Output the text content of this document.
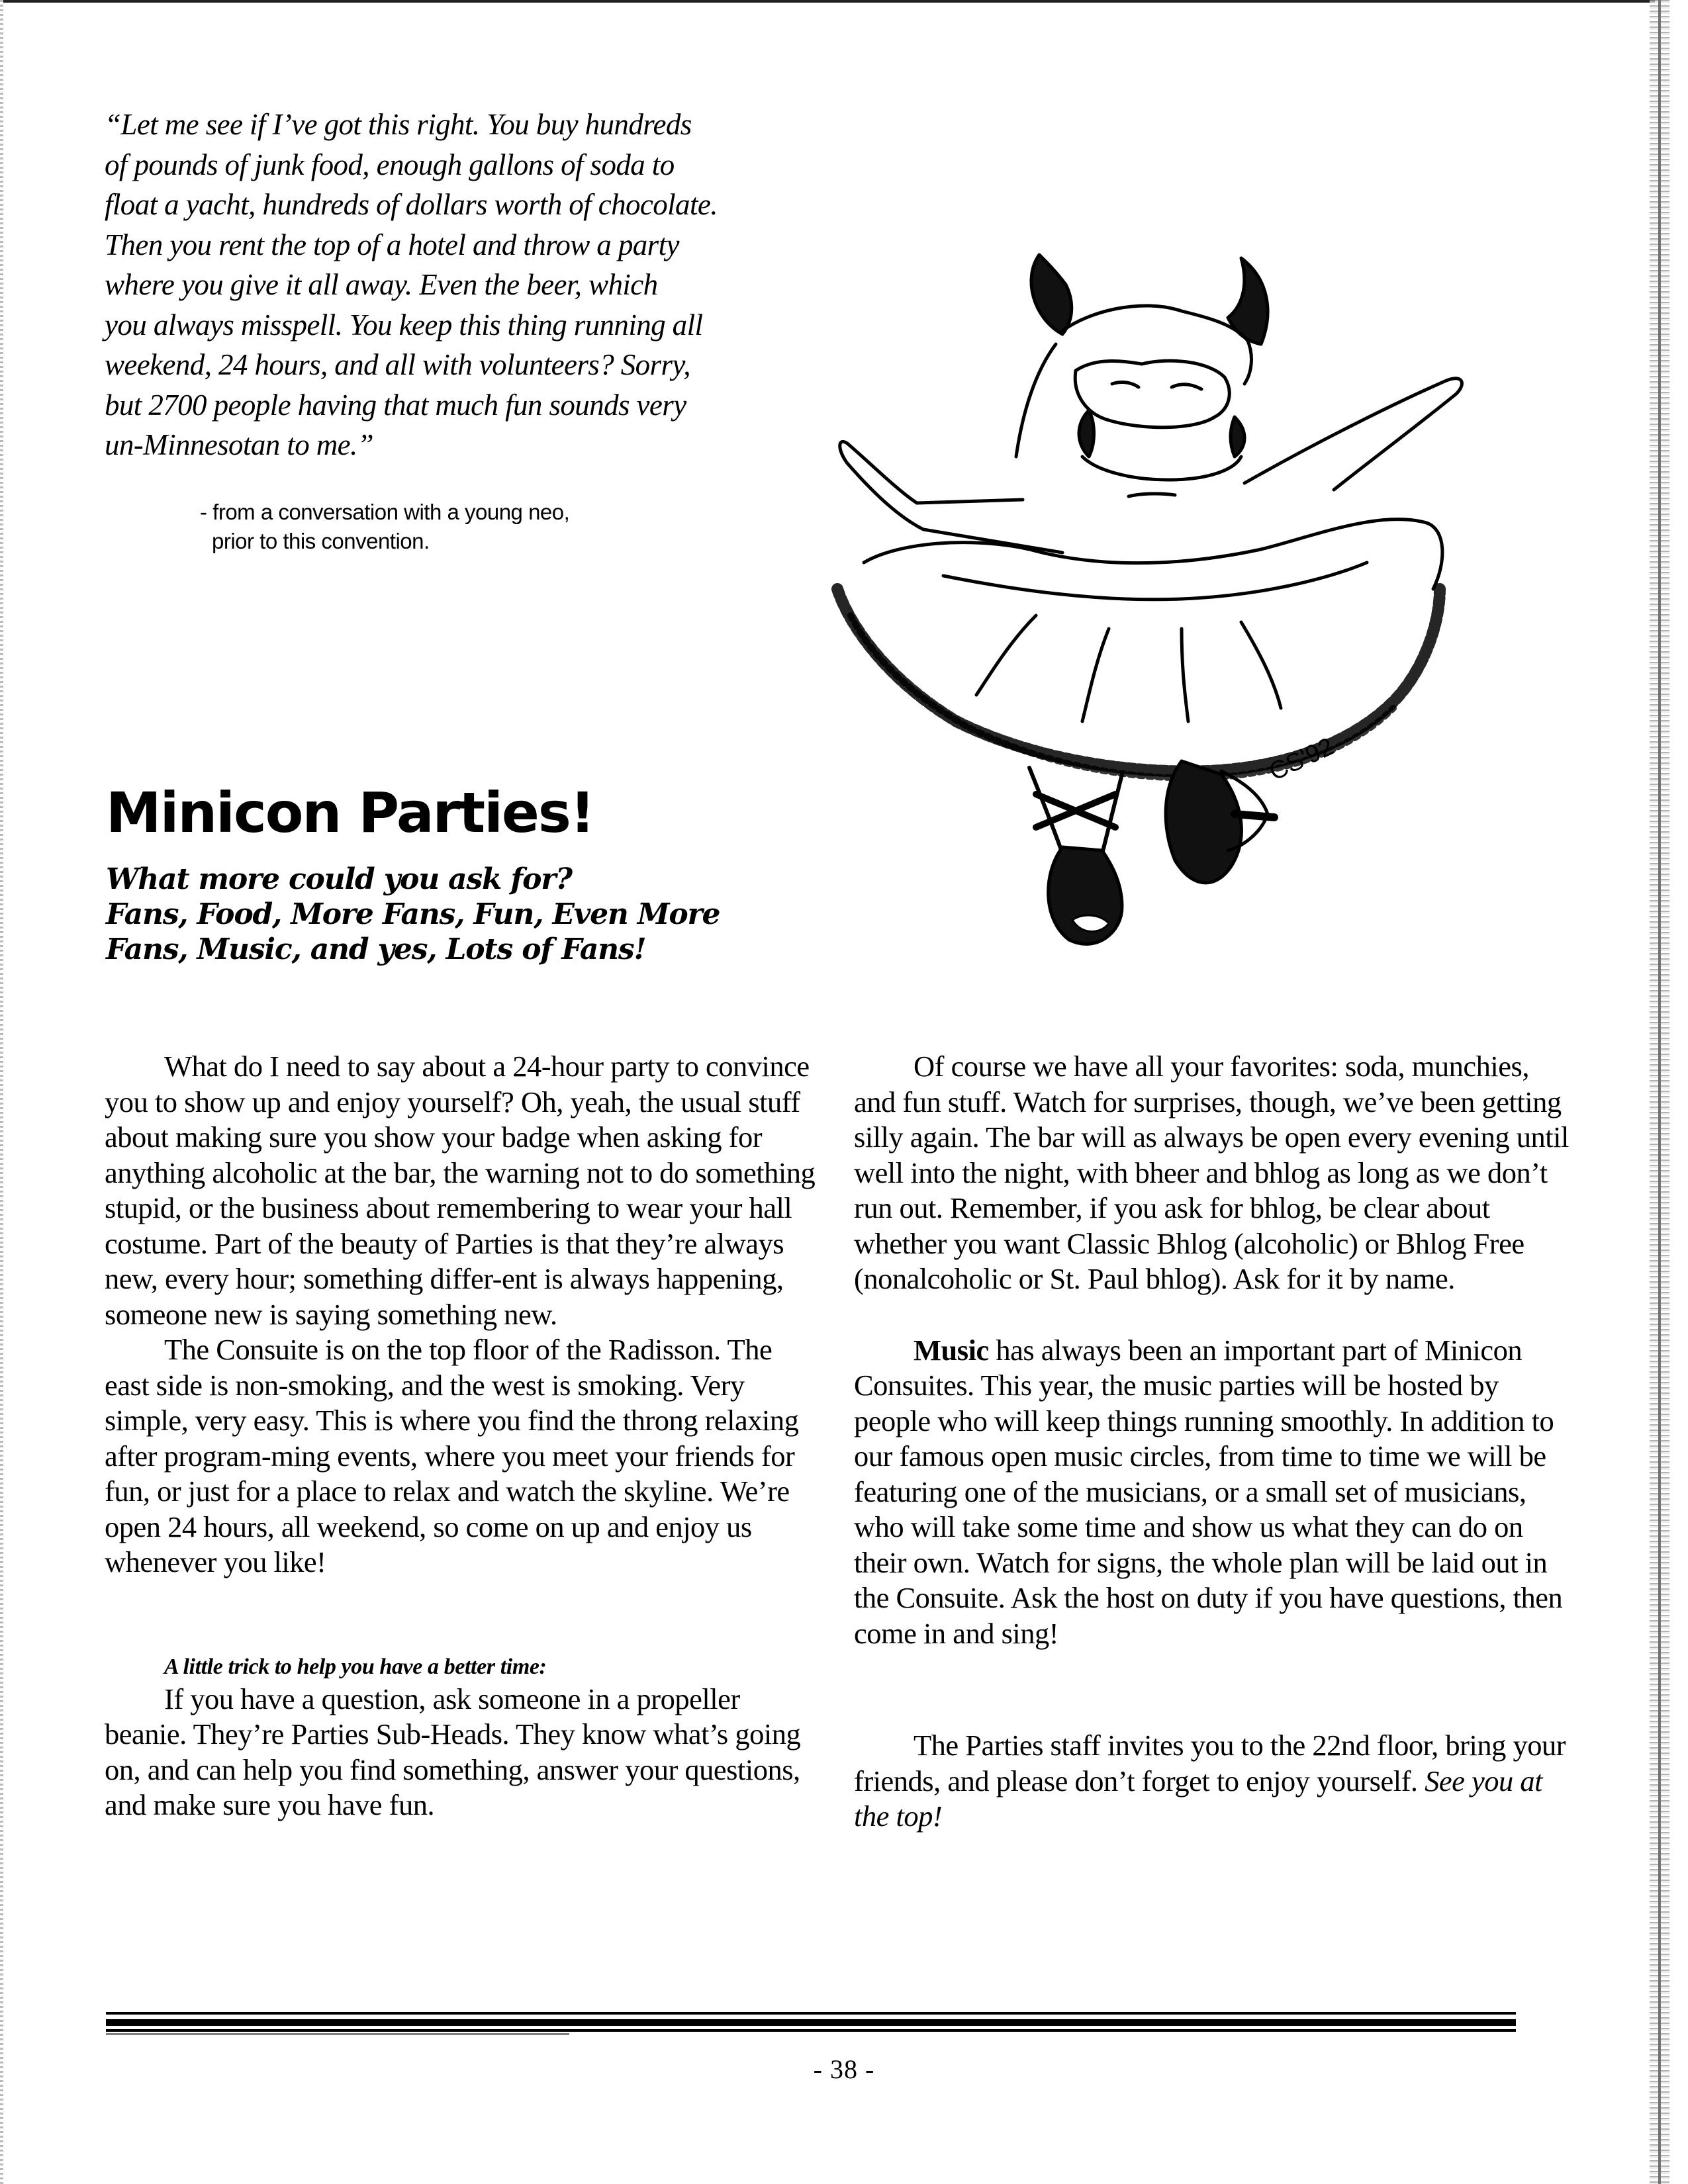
“Let me see if I’ve got this right. You buy hundreds

of pounds of junk food, enough gallons of soda to

float a yacht, hundreds of dollars worth of chocolate.

Then you rent the top of a hotel and throw a party

where you give it all away. Even the beer, which

you always misspell. You keep this thing running all

weekend, 24 hours, and all with volunteers? Sorry,

but 2700 people having that much fun sounds very

un-Minnesotan to me.”

- from a conversation with a young neo,
prior to this convention.
CS'92
Minicon Parties!
What more could you ask for?
Fans, Food, More Fans, Fun, Even More
Fans, Music, and yes, Lots of Fans!

What do I need to say about a 24-hour party to convince you to show up and enjoy yourself? Oh, yeah, the usual stuff about making sure you show your badge when asking for anything alcoholic at the bar, the warning not to do something stupid, or the business about remembering to wear your hall costume. Part of the beauty of Parties is that they’re always new, every hour; something differ-ent is always happening, someone new is saying something new.

The Consuite is on the top floor of the Radisson. The east side is non-smoking, and the west is smoking. Very simple, very easy. This is where you find the throng relaxing after program-ming events, where you meet your friends for fun, or just for a place to relax and watch the skyline. We’re open 24 hours, all weekend, so come on up and enjoy us whenever you like!

A little trick to help you have a better time:

If you have a question, ask someone in a propeller beanie. They’re Parties Sub-Heads. They know what’s going on, and can help you find something, answer your questions, and make sure you have fun.

Of course we have all your favorites: soda, munchies, and fun stuff. Watch for surprises, though, we’ve been getting silly again. The bar will as always be open every evening until well into the night, with bheer and bhlog as long as we don’t run out. Remember, if you ask for bhlog, be clear about whether you want Classic Bhlog (alcoholic) or Bhlog Free (nonalcoholic or St. Paul bhlog). Ask for it by name.

Music has always been an important part of Minicon Consuites. This year, the music parties will be hosted by people who will keep things running smoothly. In addition to our famous open music circles, from time to time we will be featuring one of the musicians, or a small set of musicians, who will take some time and show us what they can do on their own. Watch for signs, the whole plan will be laid out in the Consuite. Ask the host on duty if you have questions, then come in and sing!

The Parties staff invites you to the 22nd floor, bring your friends, and please don’t forget to enjoy yourself. See you at the top!

- 38 -
